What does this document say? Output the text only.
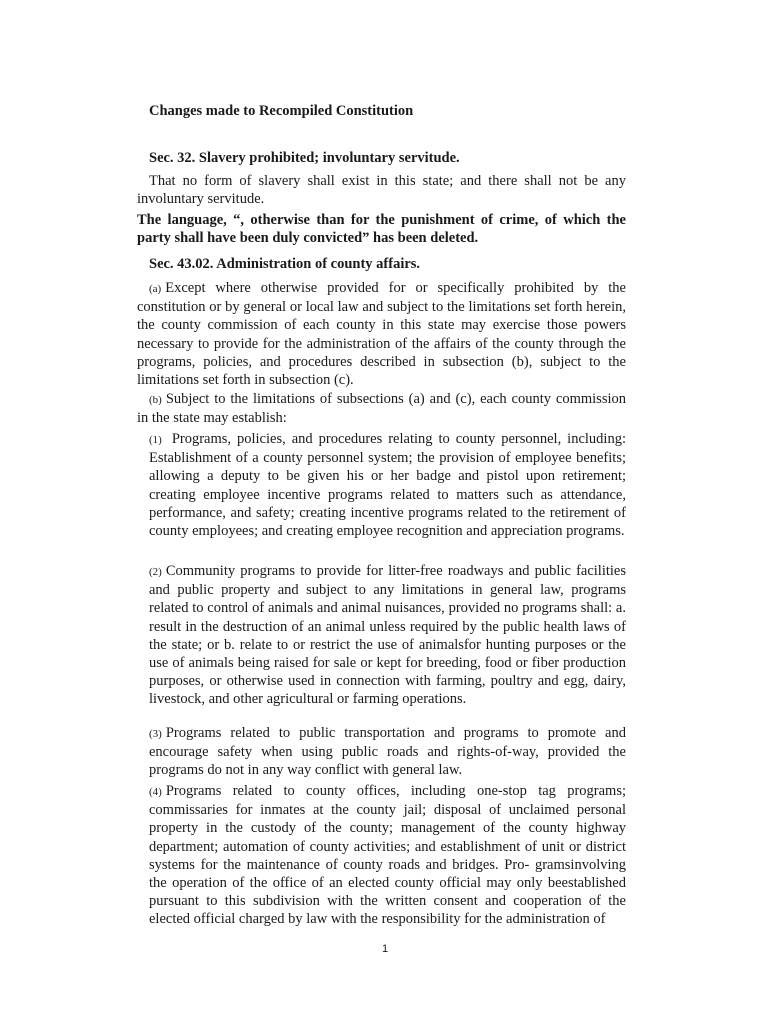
Changes made to Recompiled Constitution
Sec. 32. Slavery prohibited; involuntary servitude.
That no form of slavery shall exist in this state; and there shall not be any involuntary servitude.
The language, “, otherwise than for the punishment of crime, of which the party shall have been duly convicted” has been deleted.
Sec. 43.02. Administration of county affairs.
(a) Except where otherwise provided for or specifically prohibited by the constitution or by general or local law and subject to the limitations set forth herein, the county commission of each county in this state may exercise those powers necessary to provide for the administration of the affairs of the county through the programs, policies, and procedures described in subsection (b), subject to the limitations set forth in subsection (c).
(b) Subject to the limitations of subsections (a) and (c), each county commission in the state may establish:
(1) Programs, policies, and procedures relating to county personnel, including: Establishment of a county personnel system; the provision of employee benefits; allowing a deputy to be given his or her badge and pistol upon retirement; creating employee incentive programs related to matters such as attendance, performance, and safety; creating incentive programs related to the retirement of county employees; and creating employee recognition and appreciation programs.
(2) Community programs to provide for litter-free roadways and public facilities and public property and subject to any limitations in general law, programs related to control of animals and animal nuisances, provided no programs shall: a. result in the destruction of an animal unless required by the public health laws of the state; or b. relate to or restrict the use of animalsfor hunting purposes or the use of animals being raised for sale or kept for breeding, food or fiber production purposes, or otherwise used in connection with farming, poultry and egg, dairy, livestock, and other agricultural or farming operations.
(3) Programs related to public transportation and programs to promote and encourage safety when using public roads and rights-of-way, provided the programs do not in any way conflict with general law.
(4) Programs related to county offices, including one-stop tag programs; commissaries for inmates at the county jail; disposal of unclaimed personal property in the custody of the county; management of the county highway department; automation of county activities; and establishment of unit or district systems for the maintenance of county roads and bridges. Pro- gramsinvolving the operation of the office of an elected county official may only beestablished pursuant to this subdivision with the written consent and cooperation of the elected official charged by law with the responsibility for the administration of
1
